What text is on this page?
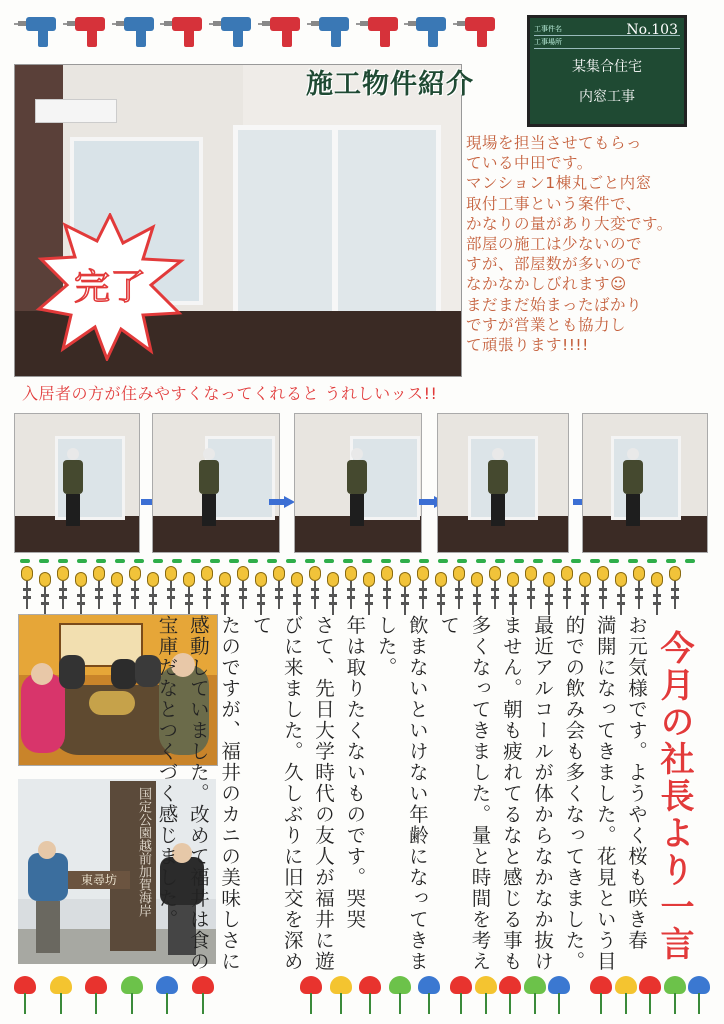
工事件名
工事場所
No.103
某集合住宅
内窓工事
完了
施工物件紹介
現場を担当させてもらっ
ている中田です。
マンション1棟丸ごと内窓
取付工事という案件で、
かなりの量があり大変です。
部屋の施工は少ないので
すが、部屋数が多いので
なかなかしびれます☺
まだまだ始まったばかり
ですが営業とも協力し
て頑張ります!!!!
入居者の方が住みやすくなってくれると うれしいッス!!
国定公園越前加賀海岸
東尋坊	お元気様です。ようやく桜も咲き春
満開になってきました。花見という目
的での飲み会も多くなってきました。
最近アルコールが体からなかなか抜け
ません。朝も疲れてるなと感じる事も
多くなってきました。量と時間を考えて
飲まないといけない年齢になってきました。
年は取りたくないものです。哭哭
さて、先日大学時代の友人が福井に遊
びに来ました。久しぶりに旧交を深めて
たのですが、福井のカニの美味しさに
感動していました。改めて福井は食の
宝庫だなとつくづく感じました。	今月の社長より一言
